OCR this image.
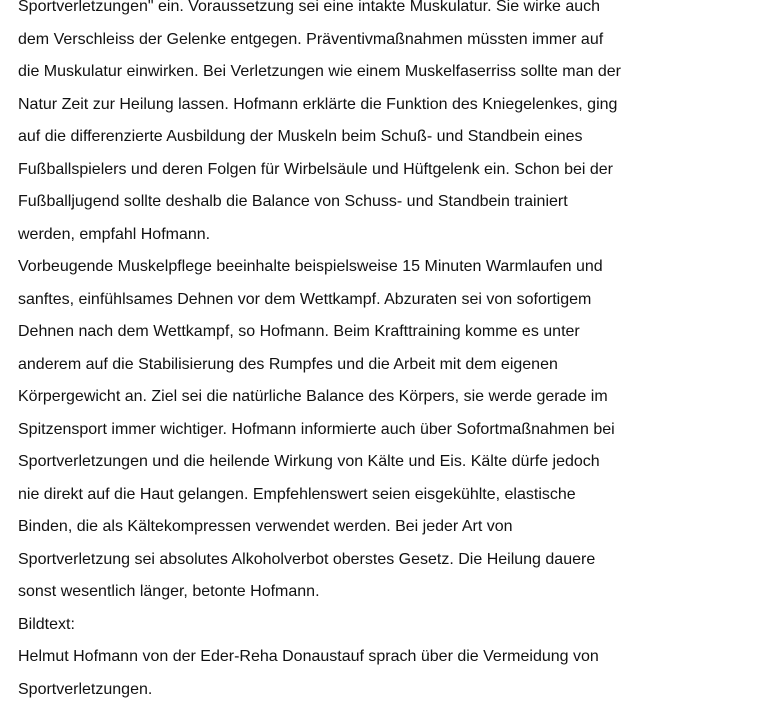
Sportverletzungen" ein. Voraussetzung sei eine intakte Muskulatur. Sie wirke auch
dem Verschleiss der Gelenke entgegen. Präventivmaßnahmen müssten immer auf
die Muskulatur einwirken. Bei Verletzungen wie einem Muskelfaserriss sollte man der
Natur Zeit zur Heilung lassen. Hofmann erklärte die Funktion des Kniegelenkes, ging
auf die differenzierte Ausbildung der Muskeln beim Schuß- und Standbein eines
Fußballspielers und deren Folgen für Wirbelsäule und Hüftgelenk ein. Schon bei der
Fußballjugend sollte deshalb die Balance von Schuss- und Standbein trainiert
werden, empfahl Hofmann.
Vorbeugende Muskelpflege beeinhalte beispielsweise 15 Minuten Warmlaufen und
sanftes, einfühlsames Dehnen vor dem Wettkampf. Abzuraten sei von sofortigem
Dehnen nach dem Wettkampf, so Hofmann. Beim Krafttraining komme es unter
anderem auf die Stabilisierung des Rumpfes und die Arbeit mit dem eigenen
Körpergewicht an. Ziel sei die natürliche Balance des Körpers, sie werde gerade im
Spitzensport immer wichtiger. Hofmann informierte auch über Sofortmaßnahmen bei
Sportverletzungen und die heilende Wirkung von Kälte und Eis. Kälte dürfe jedoch
nie direkt auf die Haut gelangen. Empfehlenswert seien eisgekühlte, elastische
Binden, die als Kältekompressen verwendet werden. Bei jeder Art von
Sportverletzung sei absolutes Alkoholverbot oberstes Gesetz. Die Heilung dauere
sonst wesentlich länger, betonte Hofmann.
Bildtext:
Helmut Hofmann von der Eder-Reha Donaustauf sprach über die Vermeidung von
Sportverletzungen.
